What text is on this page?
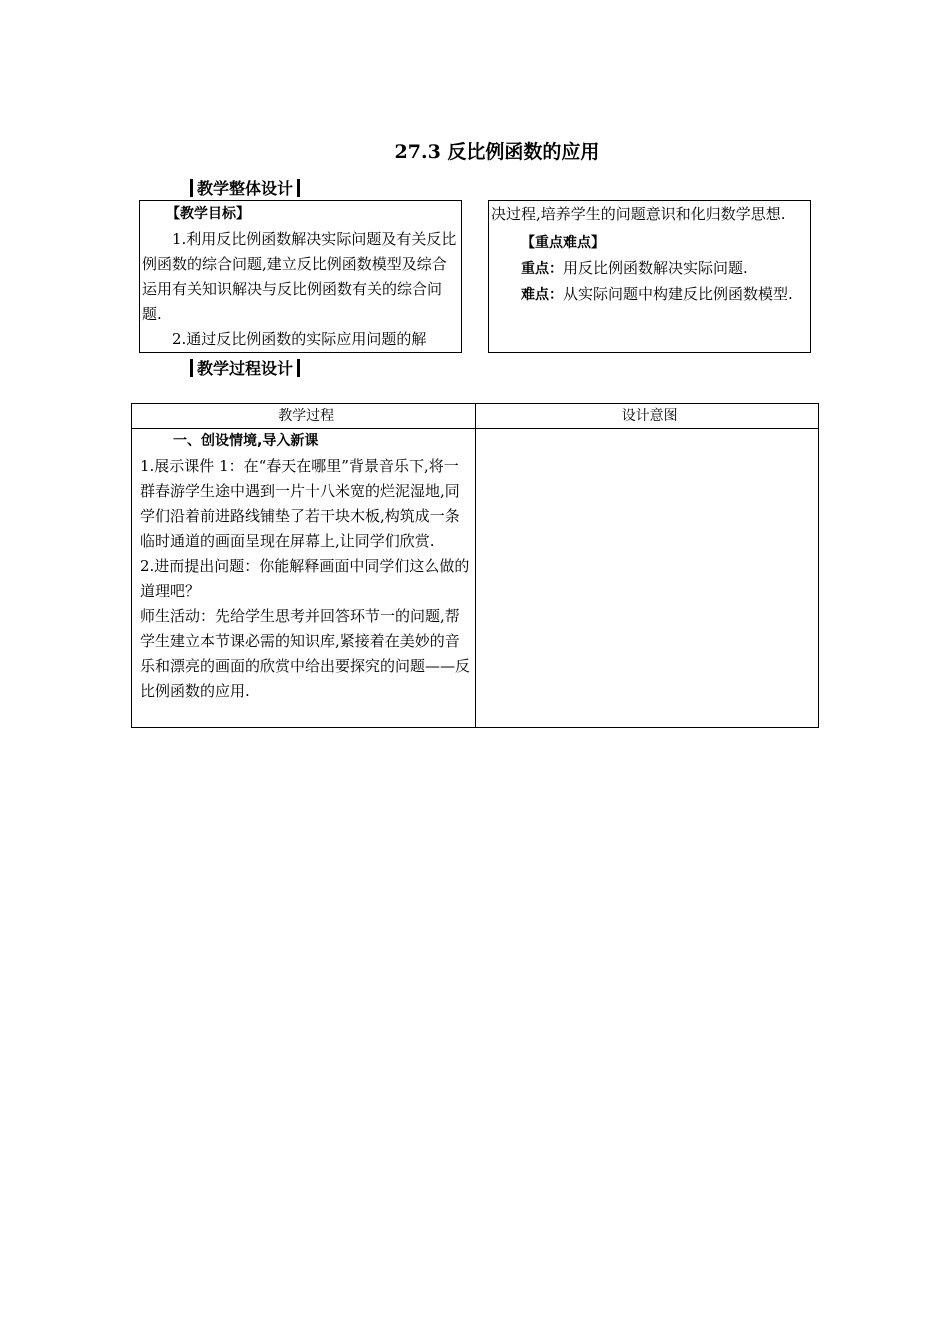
27.3 反比例函数的应用
教学整体设计

【教学目标】

1.利用反比例函数解决实际问题及有关反比例函数的综合问题,建立反比例函数模型及综合运用有关知识解决与反比例函数有关的综合问题.

2.通过反比例函数的实际应用问题的解

决过程,培养学生的问题意识和化归数学思想.

【重点难点】

重点：用反比例函数解决实际问题.

难点：从实际问题中构建反比例函数模型.

教学过程设计
教学过程	设计意图

一、创设情境,导入新课
1.展示课件 1：在“春天在哪里”背景音乐下,将一群春游学生途中遇到一片十八米宽的烂泥湿地,同学们沿着前进路线铺垫了若干块木板,构筑成一条临时通道的画面呈现在屏幕上,让同学们欣赏.
2.进而提出问题：你能解释画面中同学们这么做的道理吧？
师生活动：先给学生思考并回答环节一的问题,帮学生建立本节课必需的知识库,紧接着在美妙的音乐和漂亮的画面的欣赏中给出要探究的问题——反比例函数的应用.	
